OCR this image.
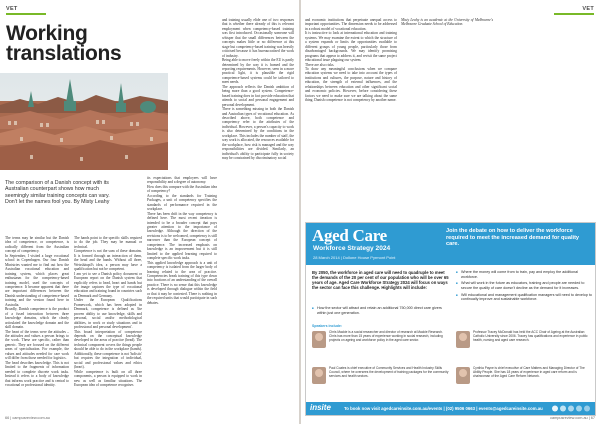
VET
Working
translations
The comparison of a Danish concept with its Australian counterpart shows how much seemingly similar training concepts can vary. Don't let the names fool you. By Misty Leahy
The terms may be similar but the Danish idea of competence, or competence, is radically different from the Australian concept of competency.
In September, I visited a large vocational school in Copenhagen. Our four Danish Ministries wanted me to find out how the Australian vocational education and training system, which places great enthusiasm for the competency-based training model, used the concepts of competence. It became apparent that there are important differences between the Danish understanding of competence-based training and the version found here in Australia.
Broadly, Danish competence is the product of a fused interaction between three knowledge domains, which the clearly articulated the knowledge domain and the skill domain.
The heart of the terms were the attitudes – the attitudes and values a person brings to the work. These are specific, rather than generic. They are focused on the different areas of specialisation. For example, the values and attitudes needed for care work will differ from those needed for logistics.
The head describes knowledge. This is not limited to the fragments of information needed to complete discrete work tasks. Instead it refers to a body of knowledge that informs work practice and is central to vocational or professional identity.
The hands point to the specific skills required to do the job. They may be manual or technical.
Competence is not the sum of these domains. It is formed through an interaction of them, the head and the hands. Without all three, Weisshäuptl's idea, a person may have a qualification but not be competent.
I am yet to see a Danish policy document or European report on the Danish system that explicitly refers to head, heart and hands but the image captures the type of vocational education and training found in countries such as Denmark and Germany.
Under the European Qualifications Framework, which has been adopted in Denmark, competence is defined as 'the proven ability to use knowledge, skills and personal, social and/or methodological abilities, in work or study situations and in professional and personal development'.
This broad interpretation of competence depends on the conceptual knowledge developed in the areas of practice (head). The technical component covers the things people should be able to do in the workplace (hands). Additionally, these competence is not 'holistic' but requires the integration of individual, social and professional values and ethics (heart).
While competence is built on all three components, a person is equipped to work in new as well as familiar situations. The European idea of competence recognises
its expectations that employees will have responsibility and a degree of autonomy.
How does this compare with the Australian idea of competency?
According to the standards for Training Packages, a unit of competency specifies the standards of performance required in the workplace.
There has been drift in the way competency is defined here. The most recent iteration is intended to be a broader concept that pays greater attention to the importance of knowledge. Although the direction of the revisions is to be welcomed, competency is still narrower than the European concept of competence. The increased emphasis on knowledge is an improvement but it is still limited to the applied learning required to complete specific work tasks.
This applied knowledge approach is a unit of competency is isolated from the larger body of learning related to the area of practice. Competencies break training of this type down into fractions of an understanding of the overall practice. There is no sense that this knowledge is developed through dialogue within the field or that it may be contested. There is nothing in the required units that would participate in such debates.
and training usually elide one of two responses that is whether there already of this is relevant employment when competency-based training was first introduced. Occasionally someone will whisper that the small differences between the concepts makes little or no difference at this stage but competency-based training was heavily criticised because it has bureaucratised the work of industry.
Being able to move freely within the EU is partly determined by the way it is framed and the reporting requirements. However, seen in a more practical light, it is plausible the rigid competence-based systems could be tailored to meet needs.
The approach reflects the Danish ambition of being more than a good system. Competence-based training does in fact provide education that attends to social and personal engagement and personal development.
There is something missing in both the Danish and Australian types of vocational education. As described above, both competence and competency refer to the attributes of the individual. However, a person's capacity to work is also determined by the conditions in the workplace. This includes the number of staff, the way work is allocated, the resources available for the workplace, how risk is managed and the way responsibilities are divided. Similarly, an individual's ability to participate fully in society may be constrained by discriminatory social
66 | campusreview.com.au
VET
and economic institutions that perpetuate unequal access to important opportunities. The dimension needs to be addressed in a robust model of vocational education.
It is instructive to look at international education and training systems. We may examine the extent to which the structure of a system expands or limits the opportunities available to different groups of young people, particularly those from disadvantaged backgrounds. We may identify promising programs that appear to address it, and revisit the same project educational issue plaguing our system.
There are also risks.
To draw any meaningful conclusions when we compare education systems we need to take into account the types of institutions and cultures, the purpose, nature and history of education, the strength of external influences, and the relationships between education and other significant social and economic policies. However, before considering these factors we need to make sure we are talking about the same thing. Danish competence is not competency by another name.
Misty Leahy is an academic at the University of Melbourne's Melbourne Graduate School of Education.
Aged Care
Workforce Strategy 2024
28 March 2014 | Dollone House Pyrmont Point
Join the debate on how to deliver the workforce required to meet the increased demand for quality care.
By 2050, the workforce in aged care will need to quadruple to meet the demands of the 20 per cent of our population who will be over 65 years of age. Aged Care Workforce Strategy 2024 will focus on ways the sector can face this challenge. Highlights will include:
■ How the sector will attract and retain an additional 750,000 direct care givers within just one generation.
■ Where the money will come from to train, pay and employ the additional workforce.
■ What will work in the future as educators, training and people are needed to secure the quality of care doesn't decline as the demand for it increases.
■ Will educational and management qualification managers will need to develop to continually improve and sustainable workforce.
Speakers include:
Chris Mackie is a social researcher and director of research at Mackie Research. Chris has more than 15 years of experience working in social research, including projects on ageing and workforce policy in the aged care sector.
Paul Coates is chief executive of Community Services and Health Industry Skills Council, where he oversees the development of training packages for the community services and health sectors.
Professor Tracey McDonald has held the ACC Chair of Ageing at the Australian Catholic University since 2006. Tracey has qualifications and experience in public health, nursing and aged care research.
Cynthia Payne is chief executive of Care Matters and Managing Director of The Ability People. She has 18 years of experience in aged care reform and is chairwoman of the Aged Care Reform Network.
insite	To book now visit agedcareinsite.com.au/events | (02) 9506 0663 | events@agedcareinsite.com.au
campusreview.com.au | 67
